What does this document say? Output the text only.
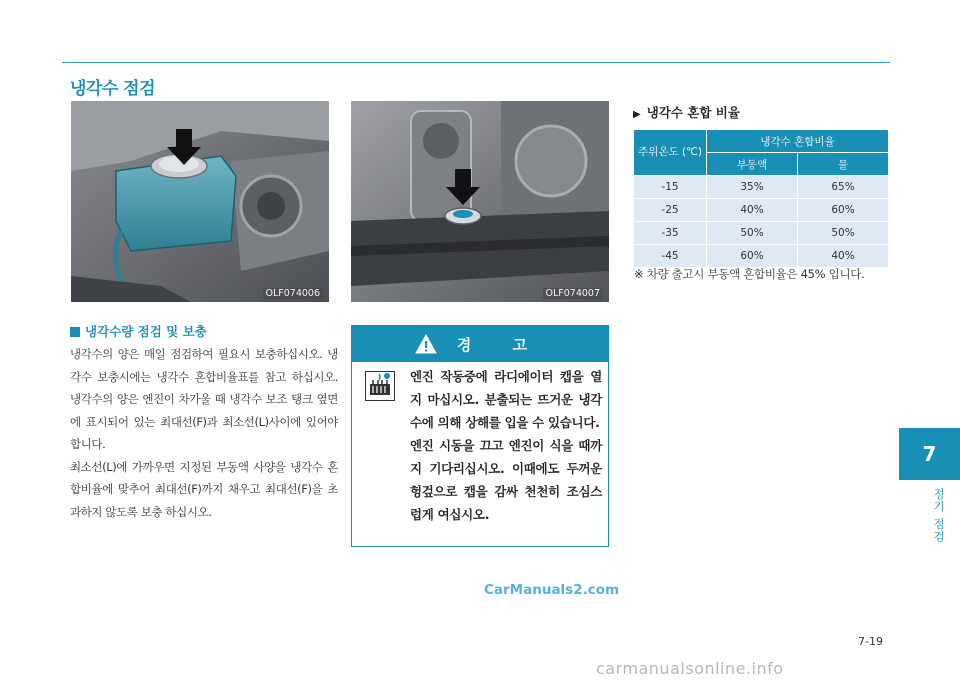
냉각수 점검
OLF074006	OLF074007
냉각수량 점검 및 보충

냉각수의 양은 매일 점검하여 필요시 보충하십시오. 냉각수 보충시에는 냉각수 혼합비율표를 참고 하십시오. 냉각수의 양은 엔진이 차가울 때 냉각수 보조 탱크 옆면에 표시되어 있는 최대선(F)과 최소선(L)사이에 있어야 합니다.

최소선(L)에 가까우면 지정된 부동액 사양을 냉각수 혼합비율에 맞추어 최대선(F)까지 채우고 최대선(F)을 초과하지 않도록 보충 하십시오.

경 고

엔진 작동중에 라디에이터 캡을 열지 마십시오. 분출되는 뜨거운 냉각수에 의해 상해를 입을 수 있습니다.

엔진 시동을 끄고 엔진이 식을 때까지 기다리십시오. 이때에도 두꺼운 헝겊으로 캡을 감싸 천천히 조심스럽게 여십시오.

▶ 냉각수 혼합 비율
주위온도 (℃)	냉각수 혼합비율	
	부동액	물
-15	35%	65%
-25	40%	60%
-35	50%	50%
-45	60%	40%
※ 차량 출고시 부동액 혼합비율은 45% 입니다.
7
정기 점검
7-19
CarManuals2.com
carmanualsonline.info
